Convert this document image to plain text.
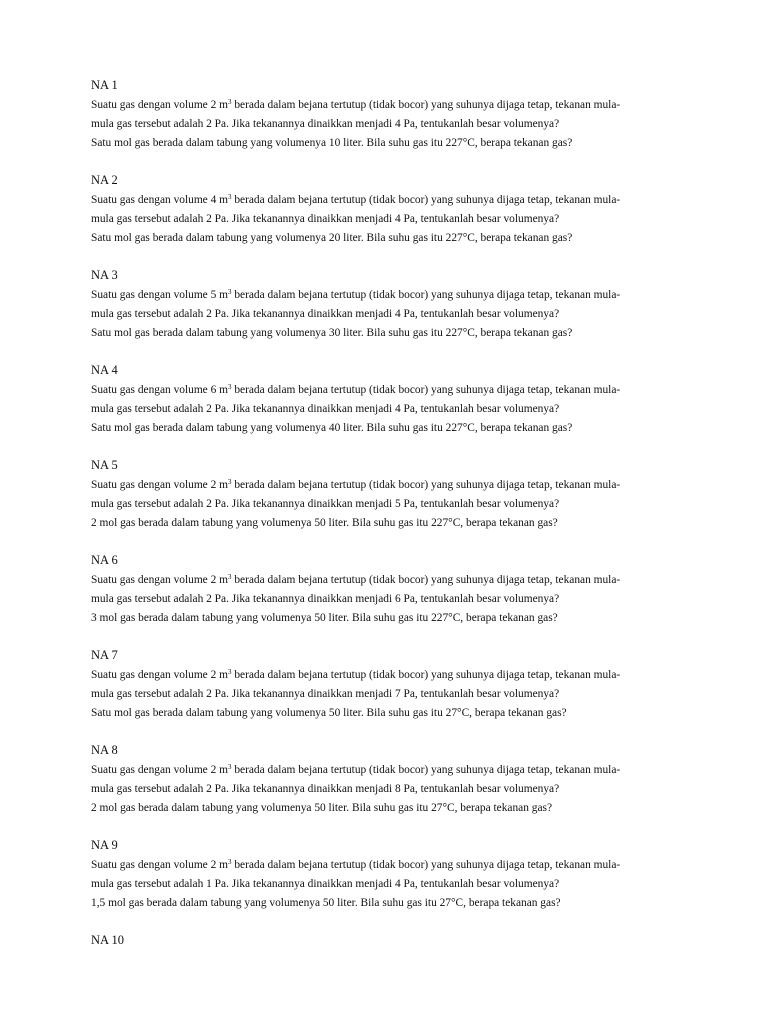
NA 1
Suatu gas dengan volume 2 $m^3$ berada dalam bejana tertutup (tidak bocor) yang suhunya dijaga tetap, tekanan mula-
mula gas tersebut adalah 2 Pa. Jika tekanannya dinaikkan menjadi 4 Pa, tentukanlah besar volumenya?
Satu mol gas berada dalam tabung yang volumenya 10 liter. Bila suhu gas itu 227°C, berapa tekanan gas?
NA 2
Suatu gas dengan volume 4 $m^3$ berada dalam bejana tertutup (tidak bocor) yang suhunya dijaga tetap, tekanan mula-
mula gas tersebut adalah 2 Pa. Jika tekanannya dinaikkan menjadi 4 Pa, tentukanlah besar volumenya?
Satu mol gas berada dalam tabung yang volumenya 20 liter. Bila suhu gas itu 227°C, berapa tekanan gas?
NA 3
Suatu gas dengan volume 5 $m^3$ berada dalam bejana tertutup (tidak bocor) yang suhunya dijaga tetap, tekanan mula-
mula gas tersebut adalah 2 Pa. Jika tekanannya dinaikkan menjadi 4 Pa, tentukanlah besar volumenya?
Satu mol gas berada dalam tabung yang volumenya 30 liter. Bila suhu gas itu 227°C, berapa tekanan gas?
NA 4
Suatu gas dengan volume 6 $m^3$ berada dalam bejana tertutup (tidak bocor) yang suhunya dijaga tetap, tekanan mula-
mula gas tersebut adalah 2 Pa. Jika tekanannya dinaikkan menjadi 4 Pa, tentukanlah besar volumenya?
Satu mol gas berada dalam tabung yang volumenya 40 liter. Bila suhu gas itu 227°C, berapa tekanan gas?
NA 5
Suatu gas dengan volume 2 $m^3$ berada dalam bejana tertutup (tidak bocor) yang suhunya dijaga tetap, tekanan mula-
mula gas tersebut adalah 2 Pa. Jika tekanannya dinaikkan menjadi 5 Pa, tentukanlah besar volumenya?
2 mol gas berada dalam tabung yang volumenya 50 liter. Bila suhu gas itu 227°C, berapa tekanan gas?
NA 6
Suatu gas dengan volume 2 $m^3$ berada dalam bejana tertutup (tidak bocor) yang suhunya dijaga tetap, tekanan mula-
mula gas tersebut adalah 2 Pa. Jika tekanannya dinaikkan menjadi 6 Pa, tentukanlah besar volumenya?
3 mol gas berada dalam tabung yang volumenya 50 liter. Bila suhu gas itu 227°C, berapa tekanan gas?
NA 7
Suatu gas dengan volume 2 $m^3$ berada dalam bejana tertutup (tidak bocor) yang suhunya dijaga tetap, tekanan mula-
mula gas tersebut adalah 2 Pa. Jika tekanannya dinaikkan menjadi 7 Pa, tentukanlah besar volumenya?
Satu mol gas berada dalam tabung yang volumenya 50 liter. Bila suhu gas itu 27°C, berapa tekanan gas?
NA 8
Suatu gas dengan volume 2 $m^3$ berada dalam bejana tertutup (tidak bocor) yang suhunya dijaga tetap, tekanan mula-
mula gas tersebut adalah 2 Pa. Jika tekanannya dinaikkan menjadi 8 Pa, tentukanlah besar volumenya?
2 mol gas berada dalam tabung yang volumenya 50 liter. Bila suhu gas itu 27°C, berapa tekanan gas?
NA 9
Suatu gas dengan volume 2 $m^3$ berada dalam bejana tertutup (tidak bocor) yang suhunya dijaga tetap, tekanan mula-
mula gas tersebut adalah 1 Pa. Jika tekanannya dinaikkan menjadi 4 Pa, tentukanlah besar volumenya?
1,5 mol gas berada dalam tabung yang volumenya 50 liter. Bila suhu gas itu 27°C, berapa tekanan gas?
NA 10
